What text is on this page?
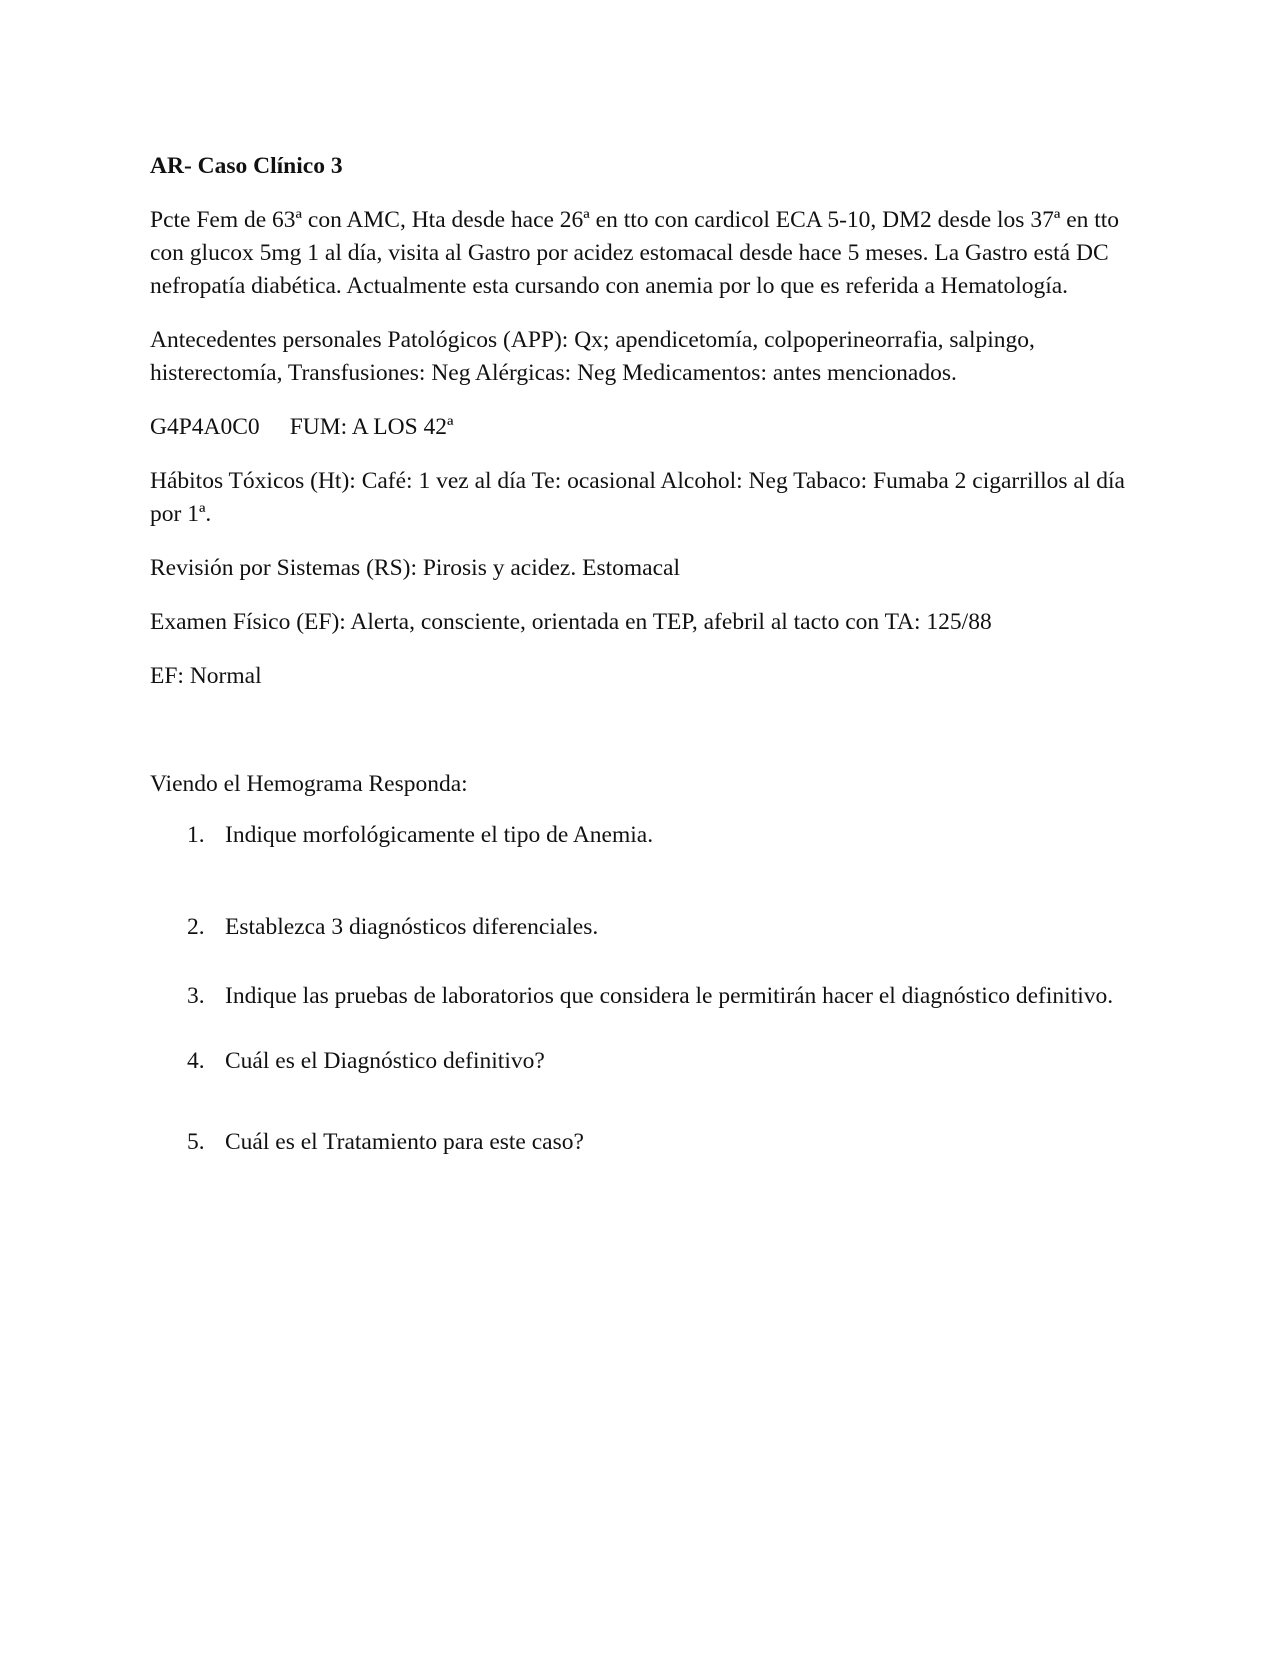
AR- Caso Clínico 3
Pcte Fem de 63ª con AMC, Hta desde hace 26ª en tto con cardicol ECA 5-10, DM2 desde los 37ª en tto con glucox 5mg 1 al día, visita al Gastro por acidez estomacal desde hace 5 meses. La Gastro está DC nefropatía diabética. Actualmente esta cursando con anemia por lo que es referida a Hematología.
Antecedentes personales Patológicos (APP): Qx; apendicetomía, colpoperineorrafia, salpingo, histerectomía, Transfusiones: Neg Alérgicas: Neg Medicamentos: antes mencionados.
G4P4A0C0 FUM: A LOS 42ª
Hábitos Tóxicos (Ht): Café: 1 vez al día Te: ocasional Alcohol: Neg Tabaco: Fumaba 2 cigarrillos al día por 1ª.
Revisión por Sistemas (RS): Pirosis y acidez. Estomacal
Examen Físico (EF): Alerta, consciente, orientada en TEP, afebril al tacto con TA: 125/88
EF: Normal
Viendo el Hemograma Responda:
1. Indique morfológicamente el tipo de Anemia.
2. Establezca 3 diagnósticos diferenciales.
3. Indique las pruebas de laboratorios que considera le permitirán hacer el diagnóstico definitivo.
4. Cuál es el Diagnóstico definitivo?
5. Cuál es el Tratamiento para este caso?
